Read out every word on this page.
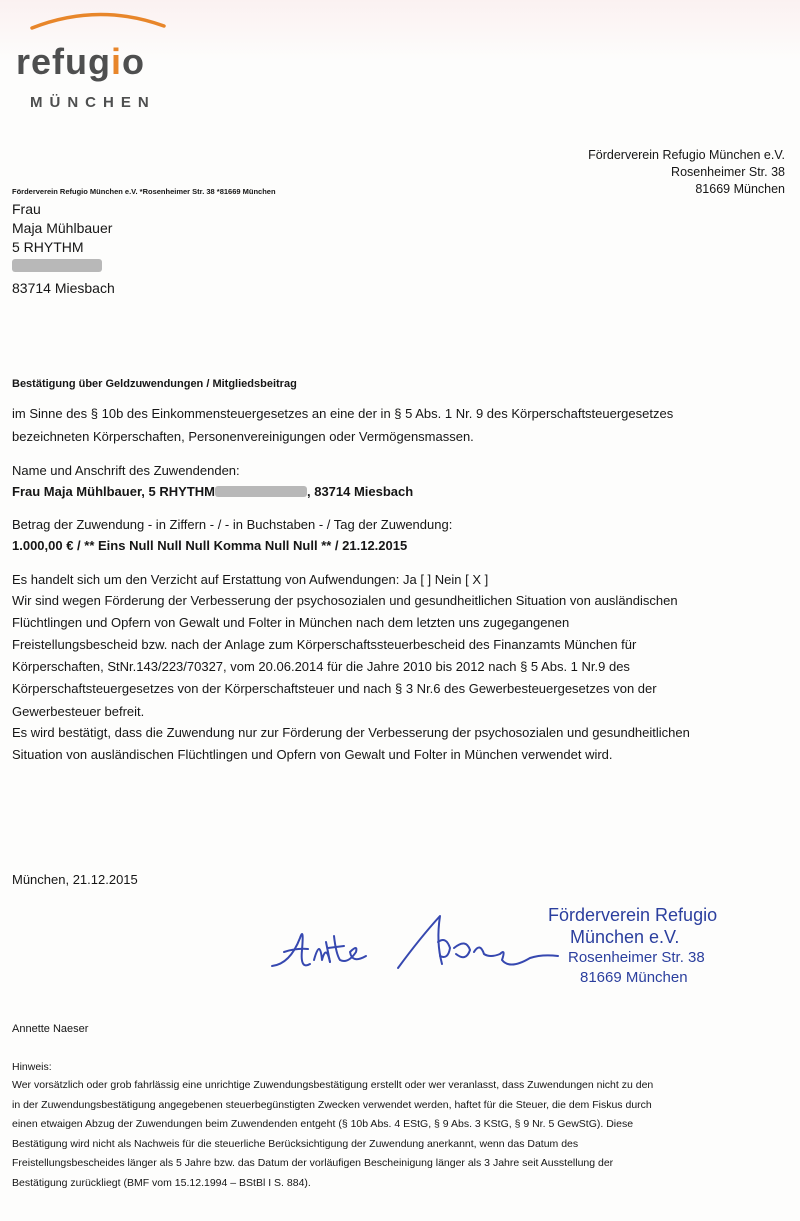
refugio
MÜNCHEN
Förderverein Refugio München e.V.
Rosenheimer Str. 38
81669 München
Förderverein Refugio München e.V. *Rosenheimer Str. 38 *81669 München
Frau
Maja Mühlbauer
5 RHYTHM
83714 Miesbach
Bestätigung über Geldzuwendungen / Mitgliedsbeitrag
im Sinne des § 10b des Einkommensteuergesetzes an eine der in § 5 Abs. 1 Nr. 9 des Körperschaftsteuergesetzes
bezeichneten Körperschaften, Personenvereinigungen oder Vermögensmassen.
Name und Anschrift des Zuwendenden:
Frau Maja Mühlbauer, 5 RHYTHM	, 83714 Miesbach
Betrag der Zuwendung - in Ziffern - / - in Buchstaben - / Tag der Zuwendung:
1.000,00 € / ** Eins Null Null Null Komma Null Null ** / 21.12.2015
Es handelt sich um den Verzicht auf Erstattung von Aufwendungen: Ja [ ] Nein [ X ]
Wir sind wegen Förderung der Verbesserung der psychosozialen und gesundheitlichen Situation von ausländischen
Flüchtlingen und Opfern von Gewalt und Folter in München nach dem letzten uns zugegangenen
Freistellungsbescheid bzw. nach der Anlage zum Körperschaftssteuerbescheid des Finanzamts München für
Körperschaften, StNr.143/223/70327, vom 20.06.2014 für die Jahre 2010 bis 2012 nach § 5 Abs. 1 Nr.9 des
Körperschaftsteuergesetzes von der Körperschaftsteuer und nach § 3 Nr.6 des Gewerbesteuergesetzes von der
Gewerbesteuer befreit.
Es wird bestätigt, dass die Zuwendung nur zur Förderung der Verbesserung der psychosozialen und gesundheitlichen
Situation von ausländischen Flüchtlingen und Opfern von Gewalt und Folter in München verwendet wird.
München, 21.12.2015
Förderverein Refugio
München e.V.
Rosenheimer Str. 38
81669 München
Annette Naeser
Hinweis:
Wer vorsätzlich oder grob fahrlässig eine unrichtige Zuwendungsbestätigung erstellt oder wer veranlasst, dass Zuwendungen nicht zu den
in der Zuwendungsbestätigung angegebenen steuerbegünstigten Zwecken verwendet werden, haftet für die Steuer, die dem Fiskus durch
einen etwaigen Abzug der Zuwendungen beim Zuwendenden entgeht (§ 10b Abs. 4 EStG, § 9 Abs. 3 KStG, § 9 Nr. 5 GewStG). Diese
Bestätigung wird nicht als Nachweis für die steuerliche Berücksichtigung der Zuwendung anerkannt, wenn das Datum des
Freistellungsbescheides länger als 5 Jahre bzw. das Datum der vorläufigen Bescheinigung länger als 3 Jahre seit Ausstellung der
Bestätigung zurückliegt (BMF vom 15.12.1994 – BStBl I S. 884).
